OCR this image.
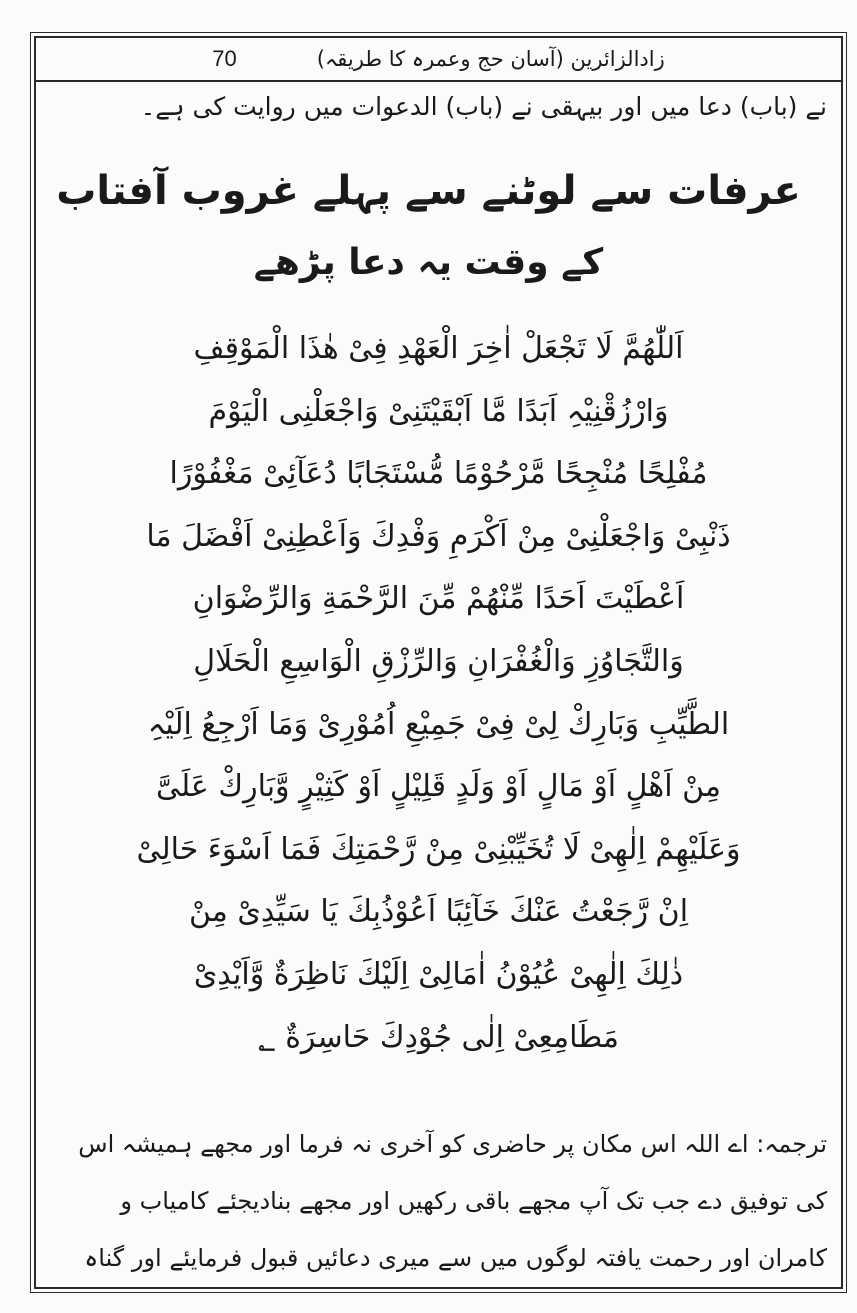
زادالزائرین (آسان حج وعمرہ کا طریقہ)
70
نے (باب) دعا میں اور بیہقی نے (باب) الدعوات میں روایت کی ہے۔
عرفات سے لوٹنے سے پہلے غروب آفتاب
کے وقت یہ دعا پڑھے
اَللّٰھُمَّ لَا تَجْعَلْ اٰخِرَ الْعَھْدِ فِیْ ھٰذَا الْمَوْقِفِ
وَارْزُقْنِیْہِ اَبَدًا مَّا اَبْقَیْتَنِیْ وَاجْعَلْنِی الْیَوْمَ
مُفْلِحًا مُنْجِحًا مَّرْحُوْمًا مُّسْتَجَابًا دُعَآئِیْ مَغْفُوْرًا
ذَنْبِیْ وَاجْعَلْنِیْ مِنْ اَکْرَمِ وَفْدِكَ وَاَعْطِنِیْ اَفْضَلَ مَا
اَعْطَیْتَ اَحَدًا مِّنْھُمْ مِّنَ الرَّحْمَةِ وَالرِّضْوَانِ
وَالتَّجَاوُزِ وَالْغُفْرَانِ وَالرِّزْقِ الْوَاسِعِ الْحَلَالِ
الطَّیِّبِ وَبَارِكْ لِیْ فِیْ جَمِیْعِ اُمُوْرِیْ وَمَا اَرْجِعُ اِلَیْہِ
مِنْ اَھْلٍ اَوْ مَالٍ اَوْ وَلَدٍ قَلِیْلٍ اَوْ كَثِیْرٍ وَّبَارِكْ عَلَیَّ
وَعَلَیْھِمْ اِلٰھِیْ لَا تُخَیِّبْنِیْ مِنْ رَّحْمَتِكَ فَمَا اَسْوَءَ حَالِیْ
اِنْ رَّجَعْتُ عَنْكَ خَآئِبًا اَعُوْذُبِكَ یَا سَیِّدِیْ مِنْ
ذٰلِكَ اِلٰھِیْ عُیُوْنُ اٰمَالِیْ اِلَیْكَ نَاظِرَةٌ وَّاَیْدِیْ
مَطَامِعِیْ اِلٰی جُوْدِكَ حَاسِرَةٌ ؂
ترجمہ: اے اللہ اس مکان پر حاضری کو آخری نہ فرما اور مجھے ہمیشہ اس
کی توفیق دے جب تک آپ مجھے باقی رکھیں اور مجھے بنادیجئے کامیاب و
کامران اور رحمت یافتہ لوگوں میں سے میری دعائیں قبول فرمایئے اور گناہ
